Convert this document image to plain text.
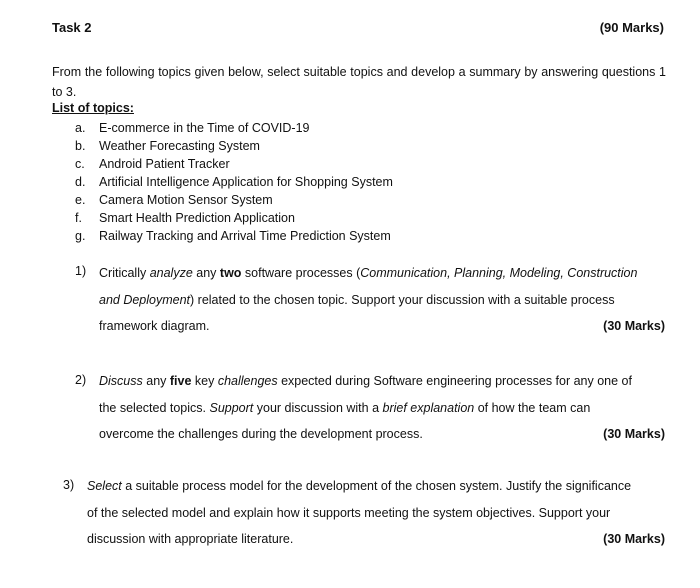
Task 2	(90 Marks)
From the following topics given below, select suitable topics and develop a summary by answering questions 1 to 3.
List of topics:
a. E-commerce in the Time of COVID-19
b. Weather Forecasting System
c. Android Patient Tracker
d. Artificial Intelligence Application for Shopping System
e. Camera Motion Sensor System
f. Smart Health Prediction Application
g. Railway Tracking and Arrival Time Prediction System
1) Critically analyze any two software processes (Communication, Planning, Modeling, Construction
and Deployment) related to the chosen topic. Support your discussion with a suitable process
framework diagram.	(30 Marks)
2) Discuss any five key challenges expected during Software engineering processes for any one of
the selected topics. Support your discussion with a brief explanation of how the team can
overcome the challenges during the development process.	(30 Marks)
3) Select a suitable process model for the development of the chosen system. Justify the significance
of the selected model and explain how it supports meeting the system objectives. Support your
discussion with appropriate literature.	(30 Marks)
